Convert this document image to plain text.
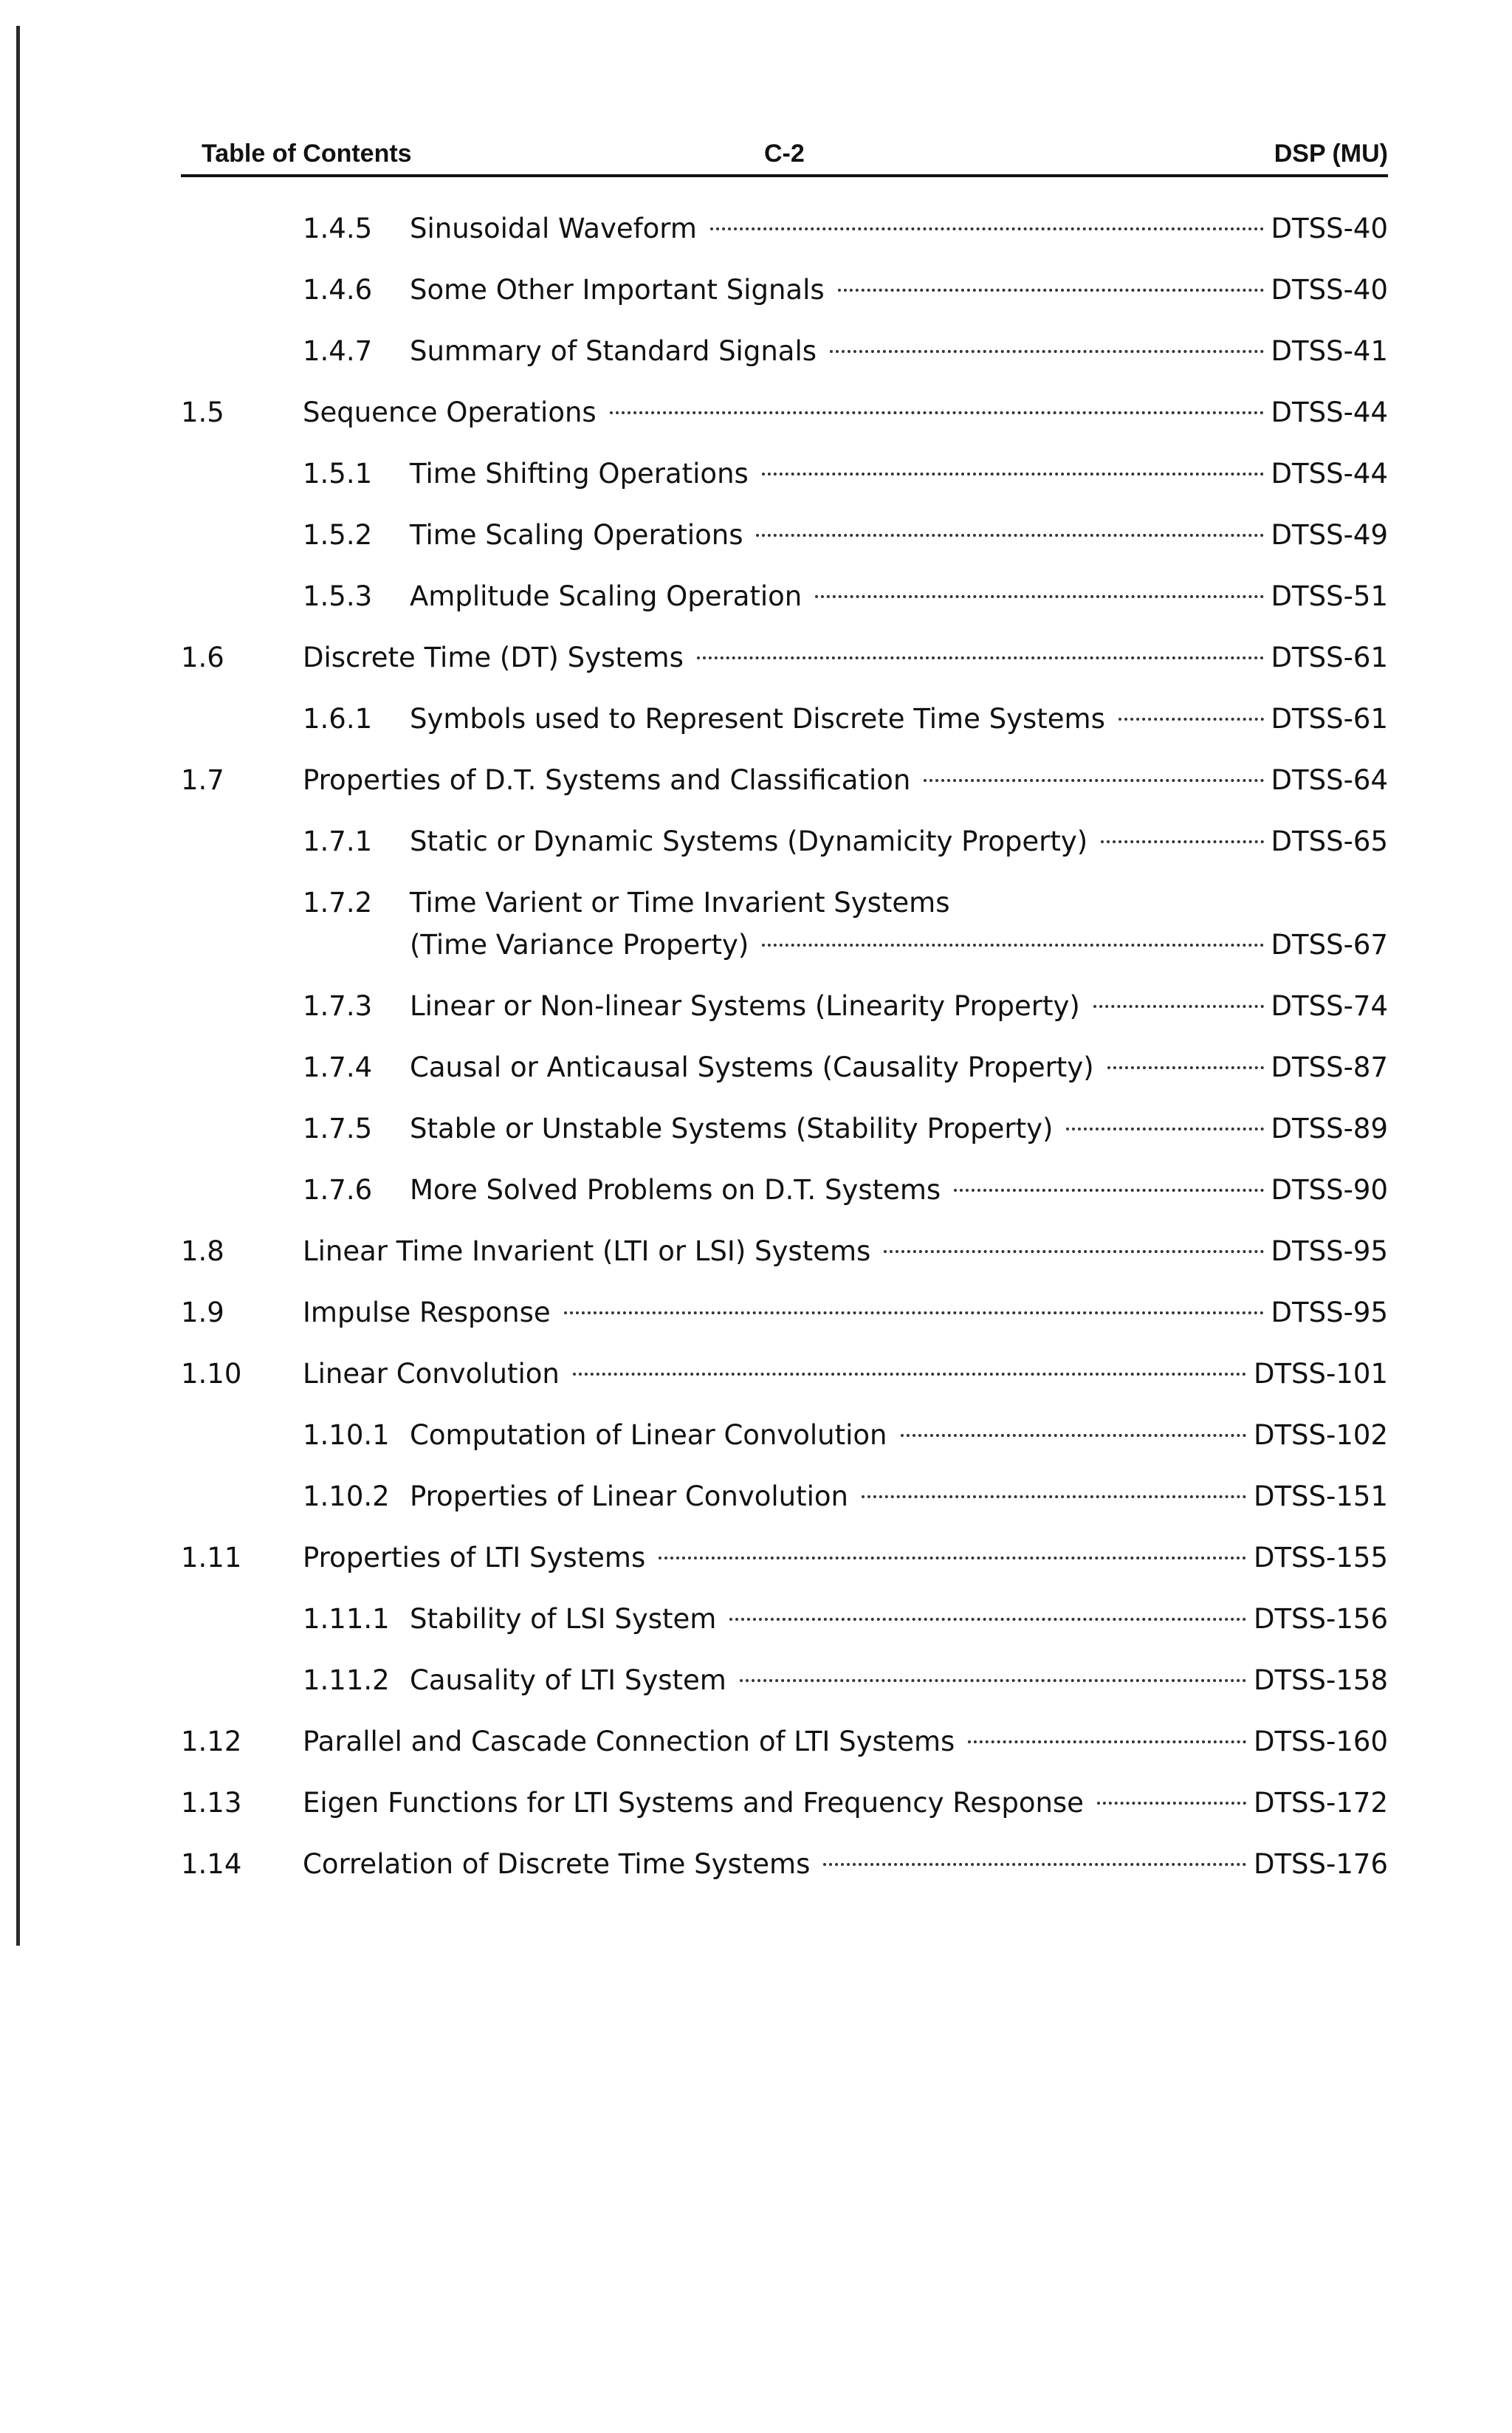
Table of Contents	C-2	DSP (MU)
1.4.5 Sinusoidal Waveform	DTSS-40
1.4.6 Some Other Important Signals	DTSS-40
1.4.7 Summary of Standard Signals	DTSS-41
1.5	Sequence Operations	DTSS-44
1.5.1 Time Shifting Operations	DTSS-44
1.5.2 Time Scaling Operations	DTSS-49
1.5.3 Amplitude Scaling Operation	DTSS-51
1.6	Discrete Time (DT) Systems	DTSS-61
1.6.1 Symbols used to Represent Discrete Time Systems	DTSS-61
1.7	Properties of D.T. Systems and Classification	DTSS-64
1.7.1 Static or Dynamic Systems (Dynamicity Property)	DTSS-65
1.7.2 Time Varient or Time Invarient Systems
(Time Variance Property)	DTSS-67
1.7.3 Linear or Non-linear Systems (Linearity Property)	DTSS-74
1.7.4 Causal or Anticausal Systems (Causality Property)	DTSS-87
1.7.5 Stable or Unstable Systems (Stability Property)	DTSS-89
1.7.6 More Solved Problems on D.T. Systems	DTSS-90
1.8	Linear Time Invarient (LTI or LSI) Systems	DTSS-95
1.9	Impulse Response	DTSS-95
1.10 Linear Convolution	DTSS-101
1.10.1 Computation of Linear Convolution	DTSS-102
1.10.2 Properties of Linear Convolution	DTSS-151
1.11 Properties of LTI Systems	DTSS-155
1.11.1 Stability of LSI System	DTSS-156
1.11.2 Causality of LTI System	DTSS-158
1.12 Parallel and Cascade Connection of LTI Systems	DTSS-160
1.13 Eigen Functions for LTI Systems and Frequency Response	DTSS-172
1.14 Correlation of Discrete Time Systems	DTSS-176
